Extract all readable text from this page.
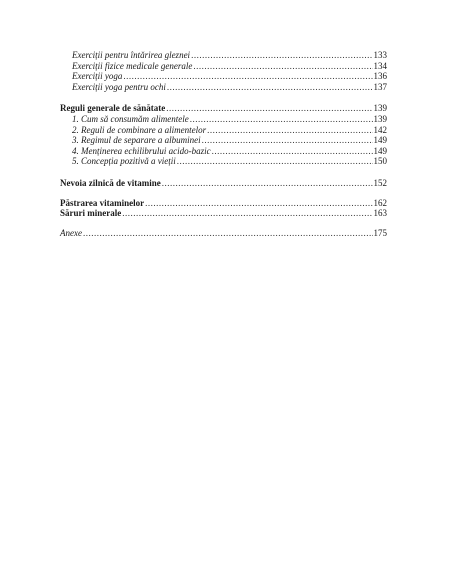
Exerciții pentru întărirea gleznei .....	133
Exerciții fizice medicale generale .....	134
Exerciții yoga .....	136
Exerciții yoga pentru ochi .....	137
Reguli generale de sănătate .....	139
1. Cum să consumăm alimentele .....	139
2. Reguli de combinare a alimentelor .....	142
3. Regimul de separare a albuminei .....	149
4. Menținerea echilibrului acido-bazic .....	149
5. Concepția pozitivă a vieții .....	150
Nevoia zilnică de vitamine .....	152
Păstrarea vitaminelor .....	162
Săruri minerale .....	163
Anexe .....	175
